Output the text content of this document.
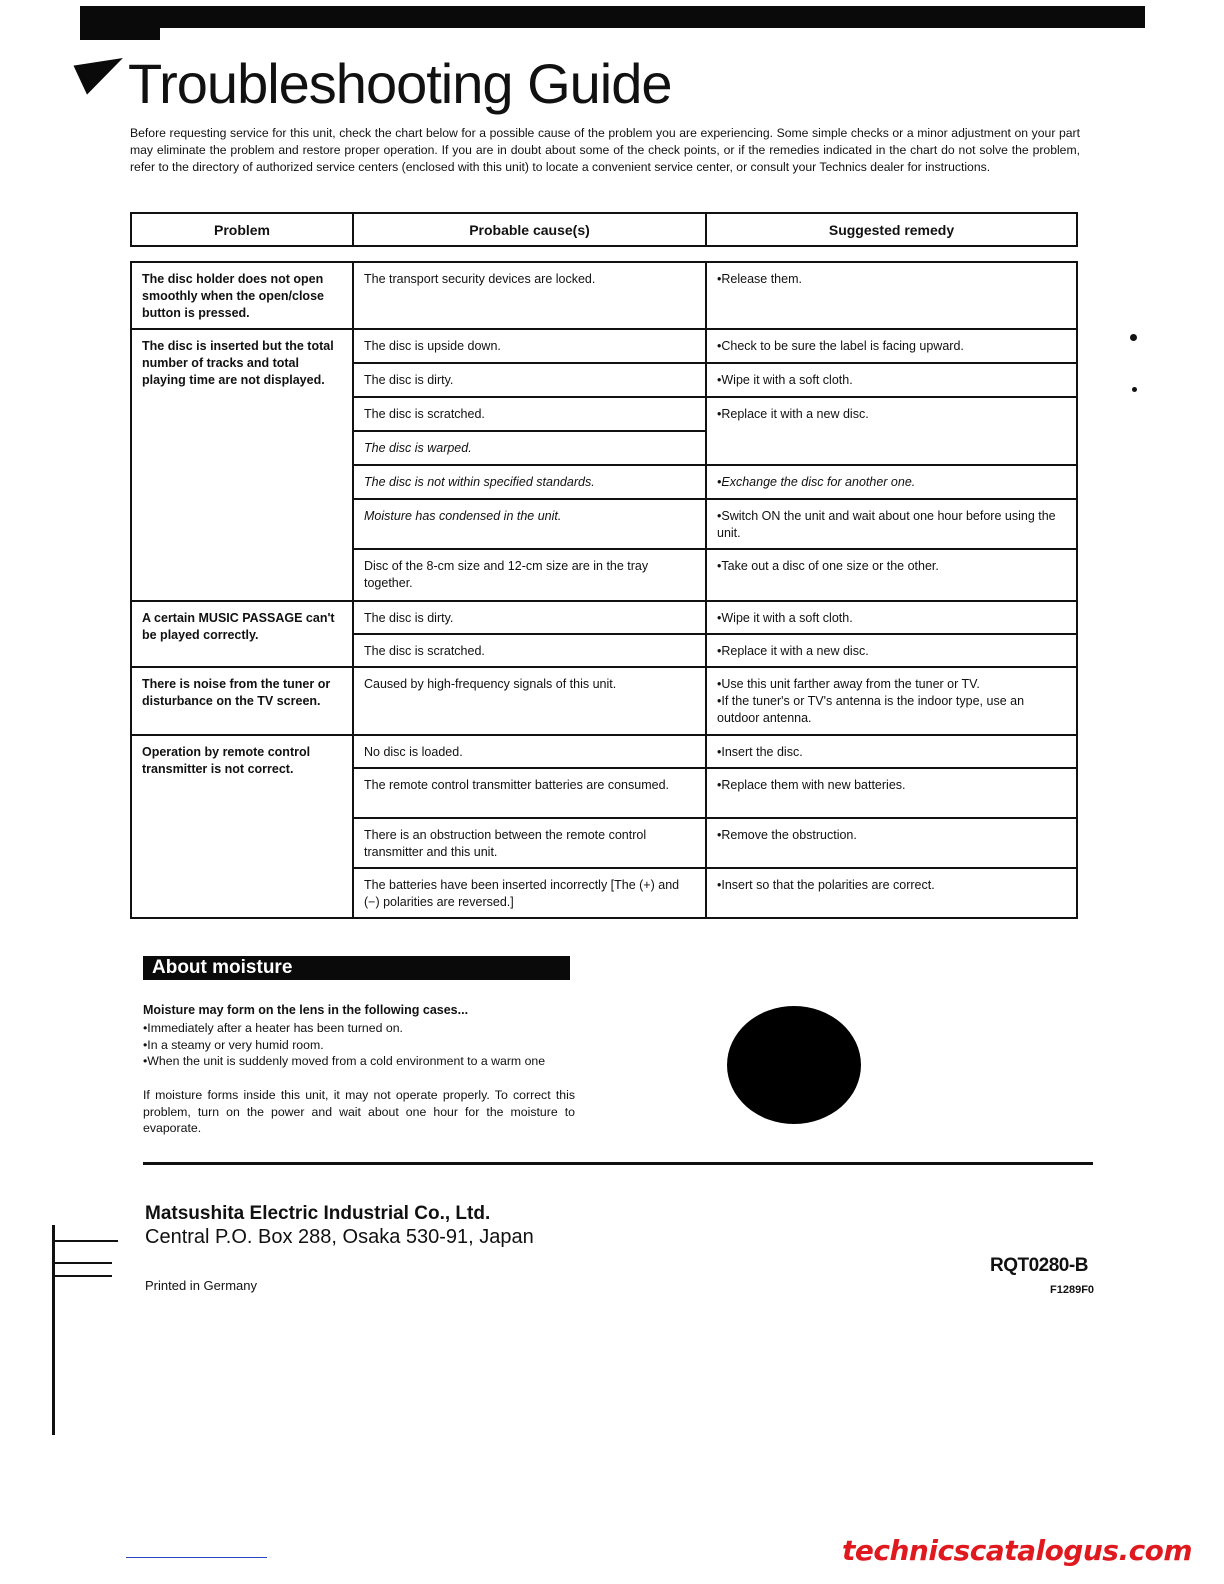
Troubleshooting Guide

Before requesting service for this unit, check the chart below for a possible cause of the problem you are experiencing. Some simple checks or a minor adjustment on your part may eliminate the problem and restore proper operation. If you are in doubt about some of the check points, or if the remedies indicated in the chart do not solve the problem, refer to the directory of authorized service centers (enclosed with this unit) to locate a convenient service center, or consult your Technics dealer for instructions.

Problem	Probable cause(s)	Suggested remedy

The disc holder does not open smoothly when the open/close button is pressed.	The transport security devices are locked.	•Release them.
The disc is inserted but the total number of tracks and total playing time are not displayed.	The disc is upside down.	•Check to be sure the label is facing upward.
	The disc is dirty.	•Wipe it with a soft cloth.
	The disc is scratched.	•Replace it with a new disc.
	The disc is warped.	
	The disc is not within specified standards.	•Exchange the disc for another one.
	Moisture has condensed in the unit.	•Switch ON the unit and wait about one hour before using the unit.
	Disc of the 8-cm size and 12-cm size are in the tray together.	•Take out a disc of one size or the other.
A certain MUSIC PASSAGE can't be played correctly.	The disc is dirty.	•Wipe it with a soft cloth.
	The disc is scratched.	•Replace it with a new disc.
There is noise from the tuner or disturbance on the TV screen.	Caused by high-frequency signals of this unit.	•Use this unit farther away from the tuner or TV.
•If the tuner's or TV's antenna is the indoor type, use an outdoor antenna.

Operation by remote control transmitter is not correct.	No disc is loaded.	•Insert the disc.
	The remote control transmitter batteries are consumed.	•Replace them with new batteries.
	There is an obstruction between the remote control transmitter and this unit.	•Remove the obstruction.
	The batteries have been inserted incorrectly [The (+) and (−) polarities are reversed.]	•Insert so that the polarities are correct.
About moisture
Moisture may form on the lens in the following cases...
•Immediately after a heater has been turned on.
•In a steamy or very humid room.
•When the unit is suddenly moved from a cold environment to a warm one

If moisture forms inside this unit, it may not operate properly. To correct this problem, turn on the power and wait about one hour for the moisture to evaporate.

Matsushita Electric Industrial Co., Ltd.
Central P.O. Box 288, Osaka 530-91, Japan
Printed in Germany
RQT0280-B
F1289F0
technicscatalogus.com
